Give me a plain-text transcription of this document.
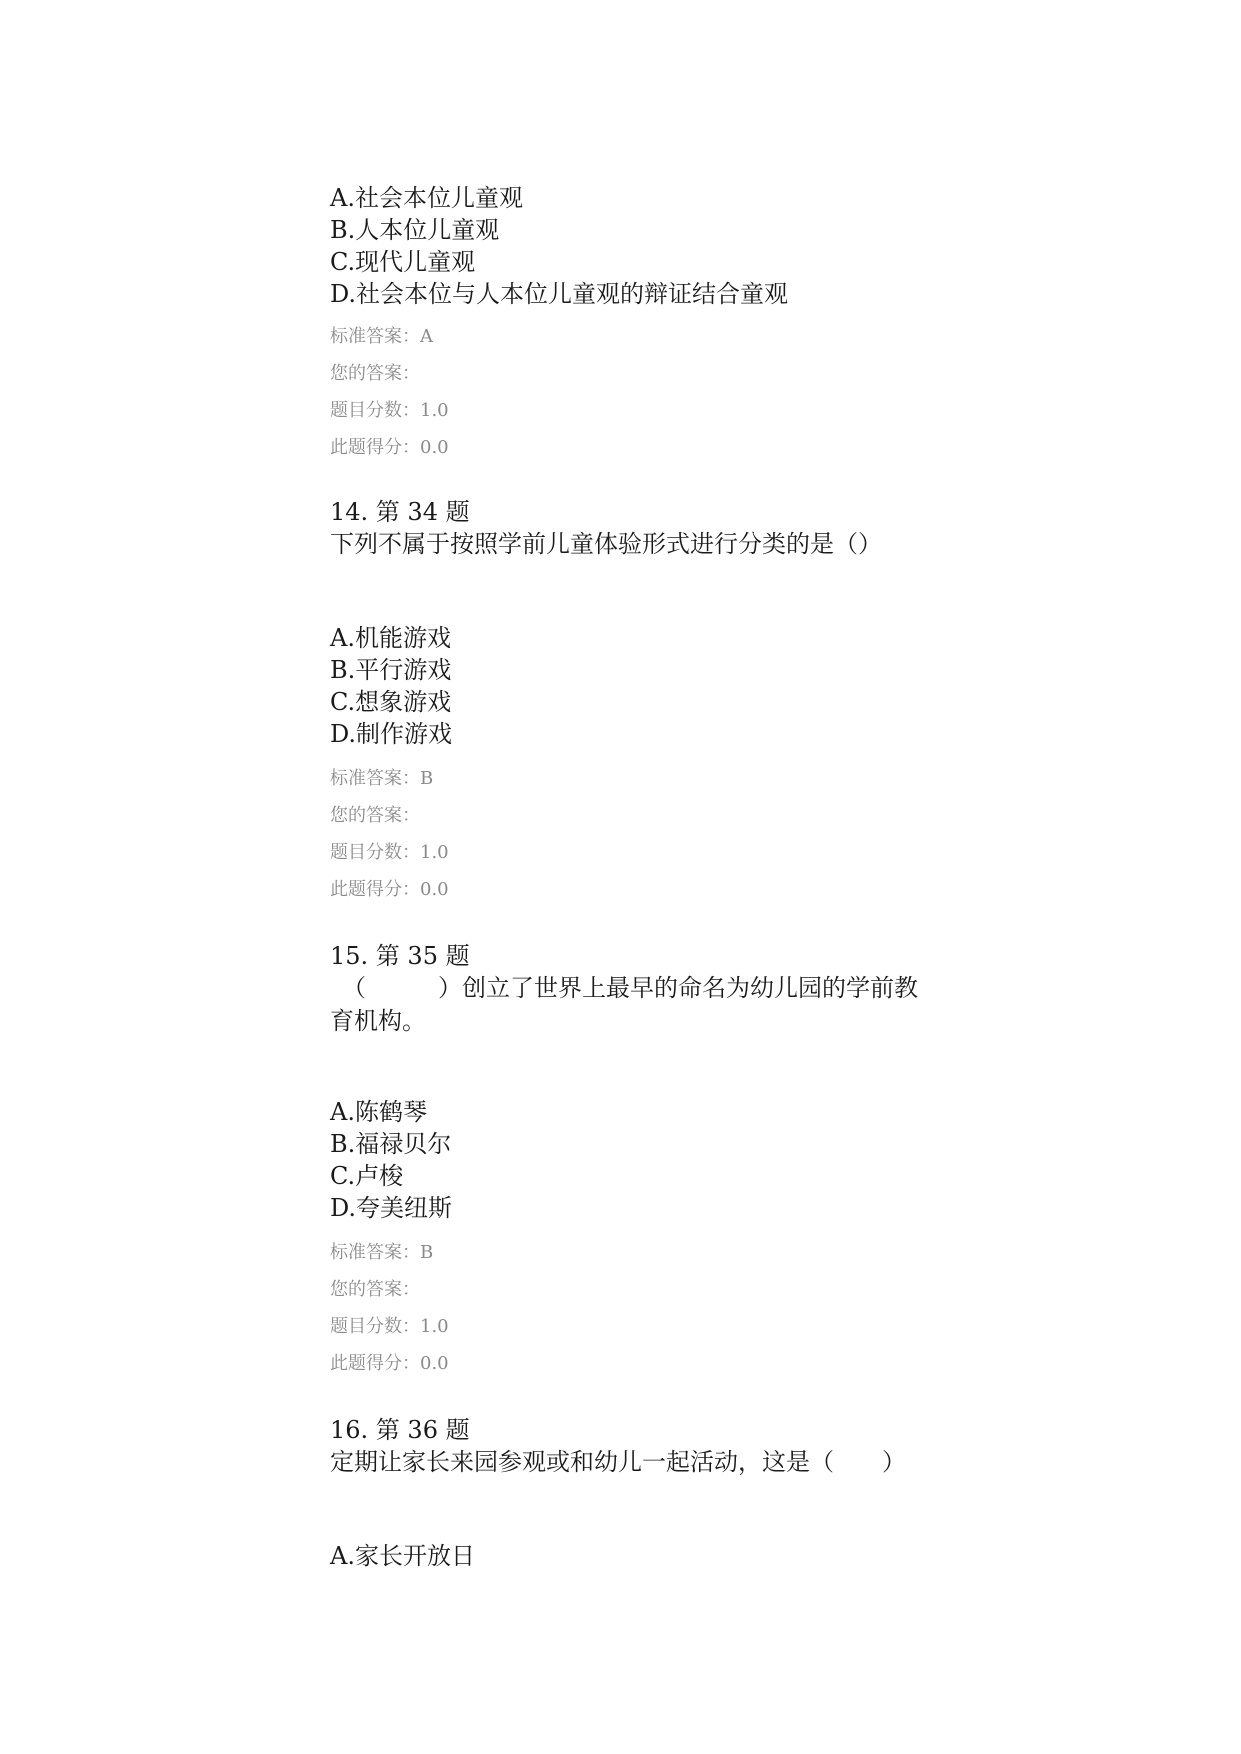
A.社会本位儿童观
B.人本位儿童观
C.现代儿童观
D.社会本位与人本位儿童观的辩证结合童观
标准答案：A
您的答案：
题目分数：1.0
此题得分：0.0
14. 第 34 题
下列不属于按照学前儿童体验形式进行分类的是（）
A.机能游戏
B.平行游戏
C.想象游戏
D.制作游戏
标准答案：B
您的答案：
题目分数：1.0
此题得分：0.0
15. 第 35 题
　（　　　）创立了世界上最早的命名为幼儿园的学前教育机构。
A.陈鹤琴
B.福禄贝尔
C.卢梭
D.夸美纽斯
标准答案：B
您的答案：
题目分数：1.0
此题得分：0.0
16. 第 36 题
定期让家长来园参观或和幼儿一起活动，这是（　　）
A.家长开放日
